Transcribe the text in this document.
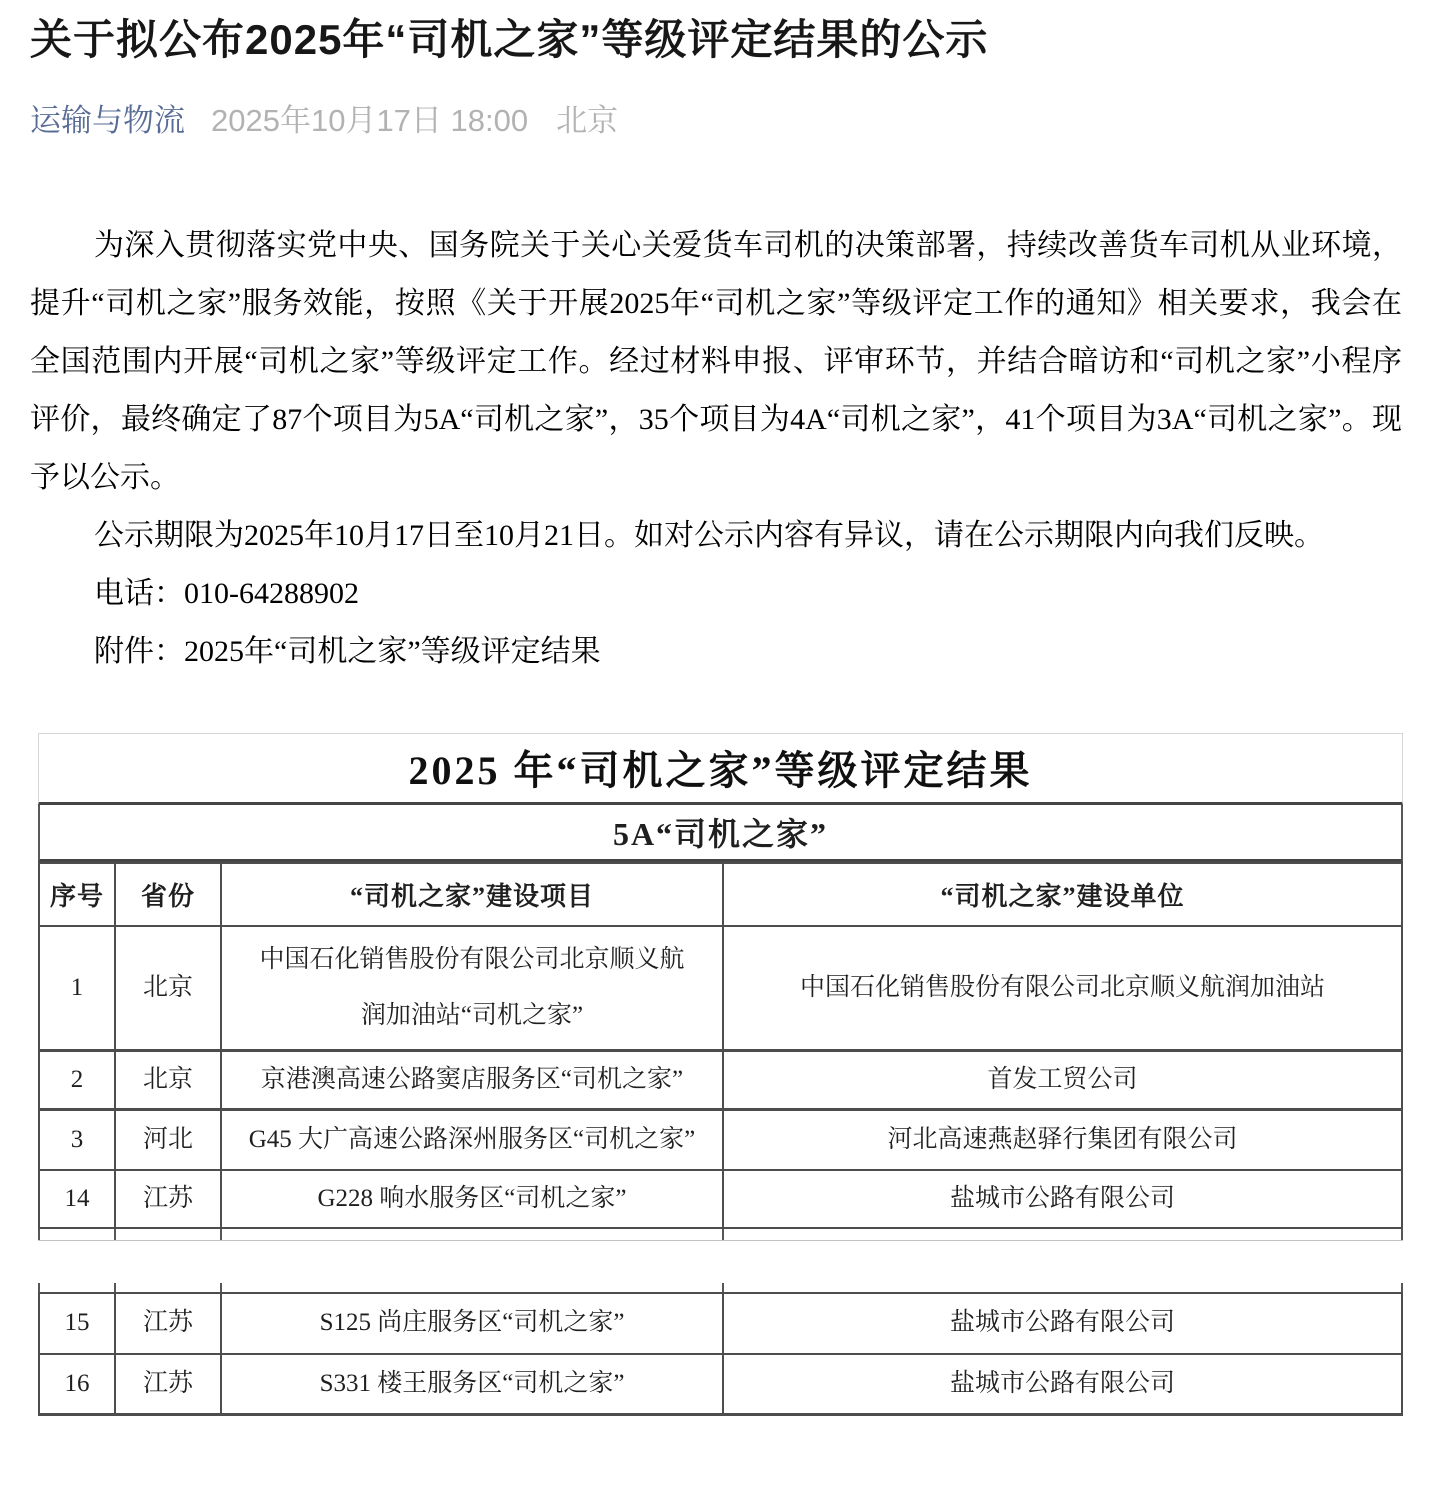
关于拟公布2025年“司机之家”等级评定结果的公示
运输与物流 2025年10月17日 18:00 北京

为深入贯彻落实党中央、国务院关于关心关爱货车司机的决策部署，持续改善货车司机从业环境，提升“司机之家”服务效能，按照《关于开展2025年“司机之家”等级评定工作的通知》相关要求，我会在全国范围内开展“司机之家”等级评定工作。经过材料申报、评审环节，并结合暗访和“司机之家”小程序评价，最终确定了87个项目为5A“司机之家”，35个项目为4A“司机之家”，41个项目为3A“司机之家”。现予以公示。

公示期限为2025年10月17日至10月21日。如对公示内容有异议，请在公示期限内向我们反映。

电话：010-64288902

附件：2025年“司机之家”等级评定结果

2025 年“司机之家”等级评定结果
5A“司机之家”
序号	省份	“司机之家”建设项目	“司机之家”建设单位
1	北京	中国石化销售股份有限公司北京顺义航润加油站“司机之家”	中国石化销售股份有限公司北京顺义航润加油站
2	北京	京港澳高速公路窦店服务区“司机之家”	首发工贸公司
3	河北	G45 大广高速公路深州服务区“司机之家”	河北高速燕赵驿行集团有限公司
14	江苏	G228 响水服务区“司机之家”	盐城市公路有限公司
15	江苏	S125 尚庄服务区“司机之家”	盐城市公路有限公司
16	江苏	S331 楼王服务区“司机之家”	盐城市公路有限公司
